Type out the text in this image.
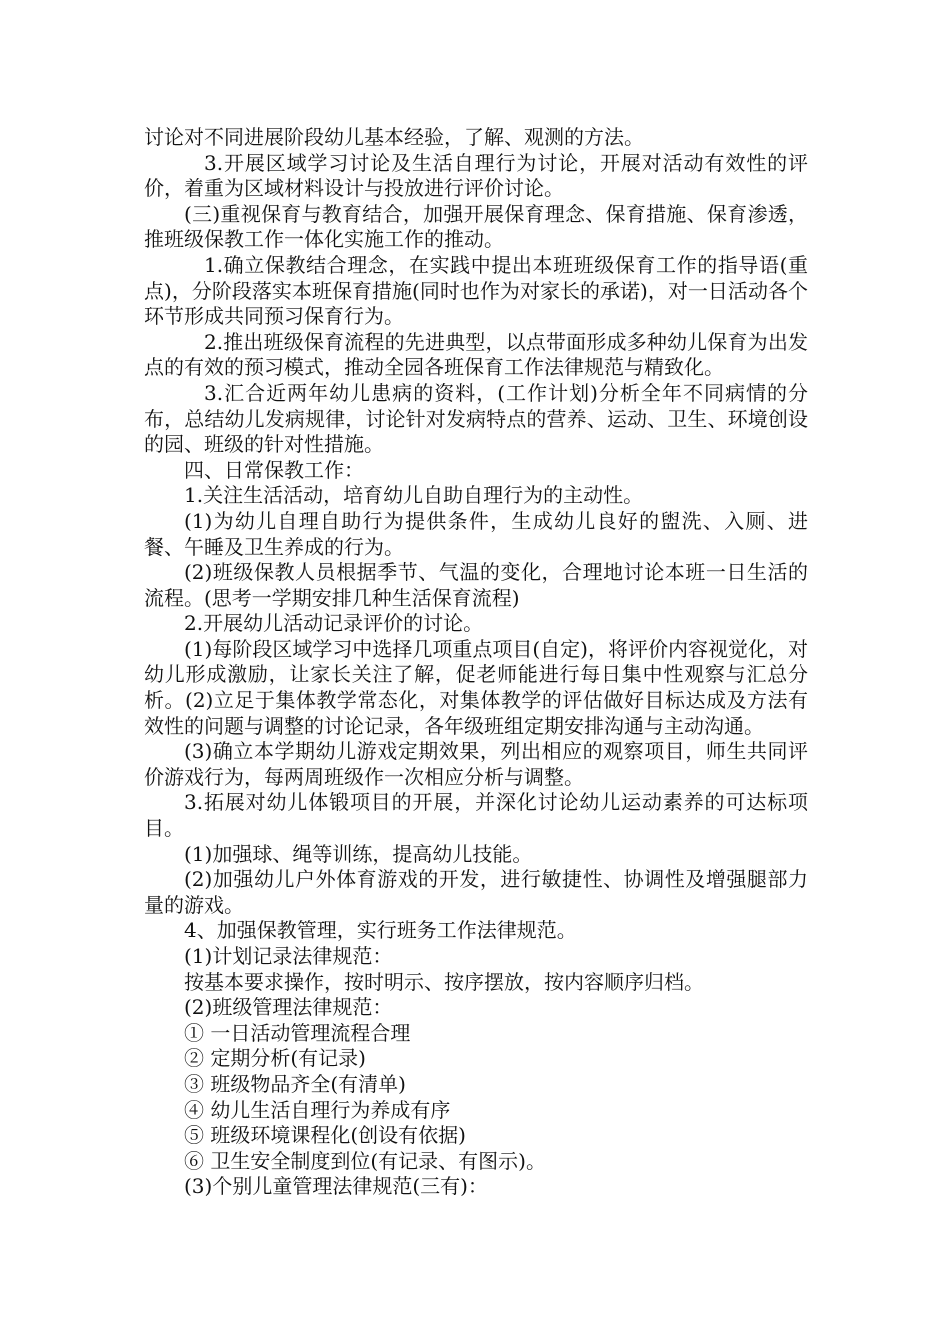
讨论对不同进展阶段幼儿基本经验，了解、观测的方法。

3.开展区域学习讨论及生活自理行为讨论，开展对活动有效性的评价，着重为区域材料设计与投放进行评价讨论。

(三)重视保育与教育结合，加强开展保育理念、保育措施、保育渗透，推班级保教工作一体化实施工作的推动。

1.确立保教结合理念，在实践中提出本班班级保育工作的指导语(重点)，分阶段落实本班保育措施(同时也作为对家长的承诺)，对一日活动各个环节形成共同预习保育行为。

2.推出班级保育流程的先进典型，以点带面形成多种幼儿保育为出发点的有效的预习模式，推动全园各班保育工作法律规范与精致化。

3.汇合近两年幼儿患病的资料，(工作计划)分析全年不同病情的分布，总结幼儿发病规律，讨论针对发病特点的营养、运动、卫生、环境创设的园、班级的针对性措施。

四、日常保教工作：

1.关注生活活动，培育幼儿自助自理行为的主动性。

(1)为幼儿自理自助行为提供条件，生成幼儿良好的盥洗、入厕、进餐、午睡及卫生养成的行为。

(2)班级保教人员根据季节、气温的变化，合理地讨论本班一日生活的流程。(思考一学期安排几种生活保育流程)

2.开展幼儿活动记录评价的讨论。

(1)每阶段区域学习中选择几项重点项目(自定)，将评价内容视觉化，对幼儿形成激励，让家长关注了解，促老师能进行每日集中性观察与汇总分析。(2)立足于集体教学常态化，对集体教学的评估做好目标达成及方法有效性的问题与调整的讨论记录，各年级班组定期安排沟通与主动沟通。

(3)确立本学期幼儿游戏定期效果，列出相应的观察项目，师生共同评价游戏行为，每两周班级作一次相应分析与调整。

3.拓展对幼儿体锻项目的开展，并深化讨论幼儿运动素养的可达标项目。

(1)加强球、绳等训练，提高幼儿技能。

(2)加强幼儿户外体育游戏的开发，进行敏捷性、协调性及增强腿部力量的游戏。

4、加强保教管理，实行班务工作法律规范。

(1)计划记录法律规范：

按基本要求操作，按时明示、按序摆放，按内容顺序归档。

(2)班级管理法律规范：

① 一日活动管理流程合理

② 定期分析(有记录)

③ 班级物品齐全(有清单)

④ 幼儿生活自理行为养成有序

⑤ 班级环境课程化(创设有依据)

⑥ 卫生安全制度到位(有记录、有图示)。

(3)个别儿童管理法律规范(三有)：
